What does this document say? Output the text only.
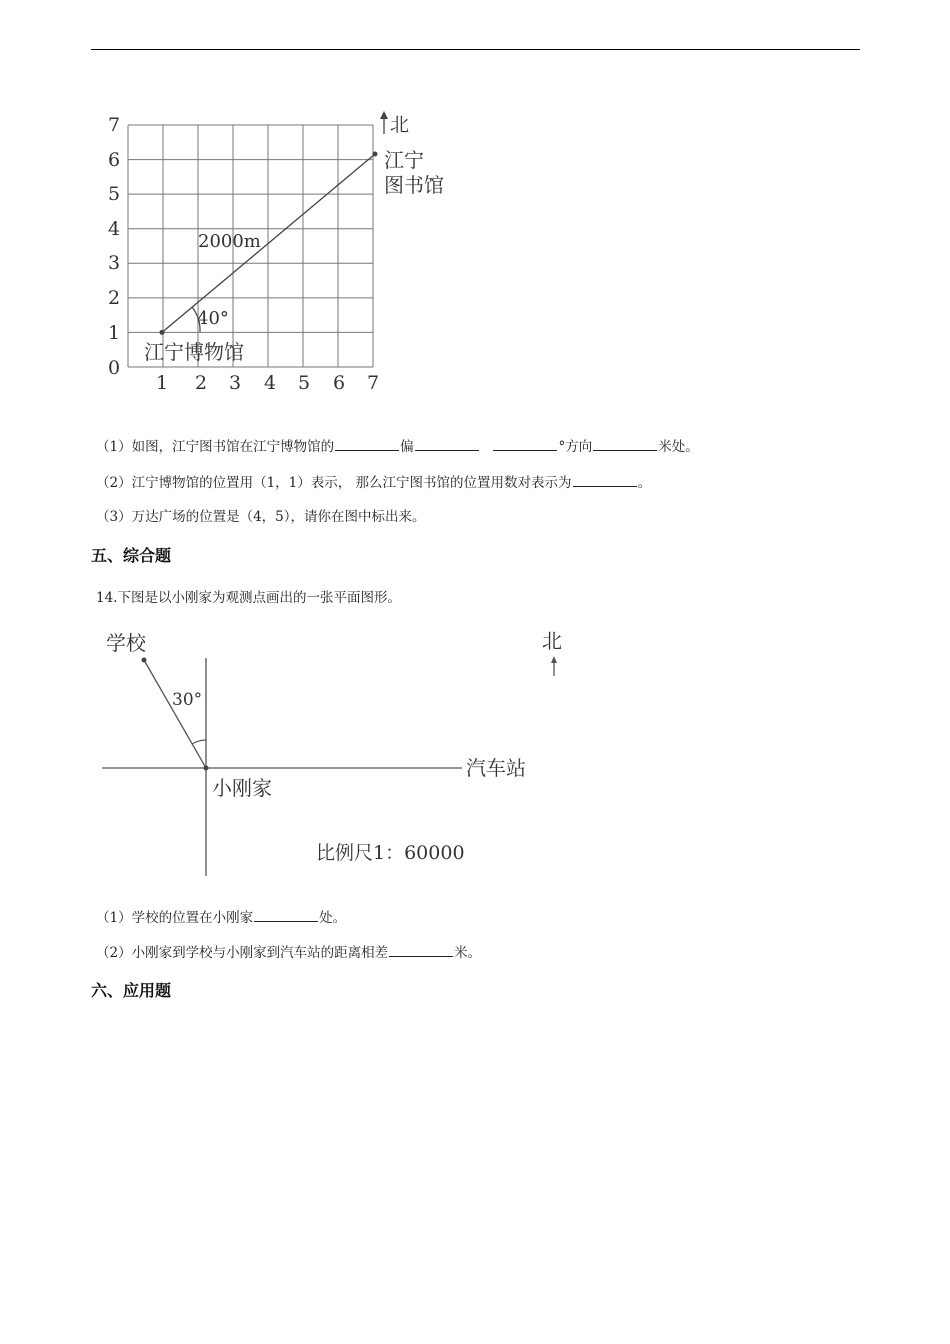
7
6
5
4
3
2
1
0
1 2 3 4 5 6 7
40°
2000m
北
江宁
图书馆
江宁博物馆
（1）如图，江宁图书馆在江宁博物馆的	偏	°方向	米处。
（2）江宁博物馆的位置用（1，1）表示， 那么江宁图书馆的位置用数对表示为	。
（3）万达广场的位置是（4，5），请你在图中标出来。
五、综合题
14.下图是以小刚家为观测点画出的一张平面图形。
30°
学校	北
汽车站
小刚家
比例尺1：60000
（1）学校的位置在小刚家	处。
（2）小刚家到学校与小刚家到汽车站的距离相差	米。
六、应用题
